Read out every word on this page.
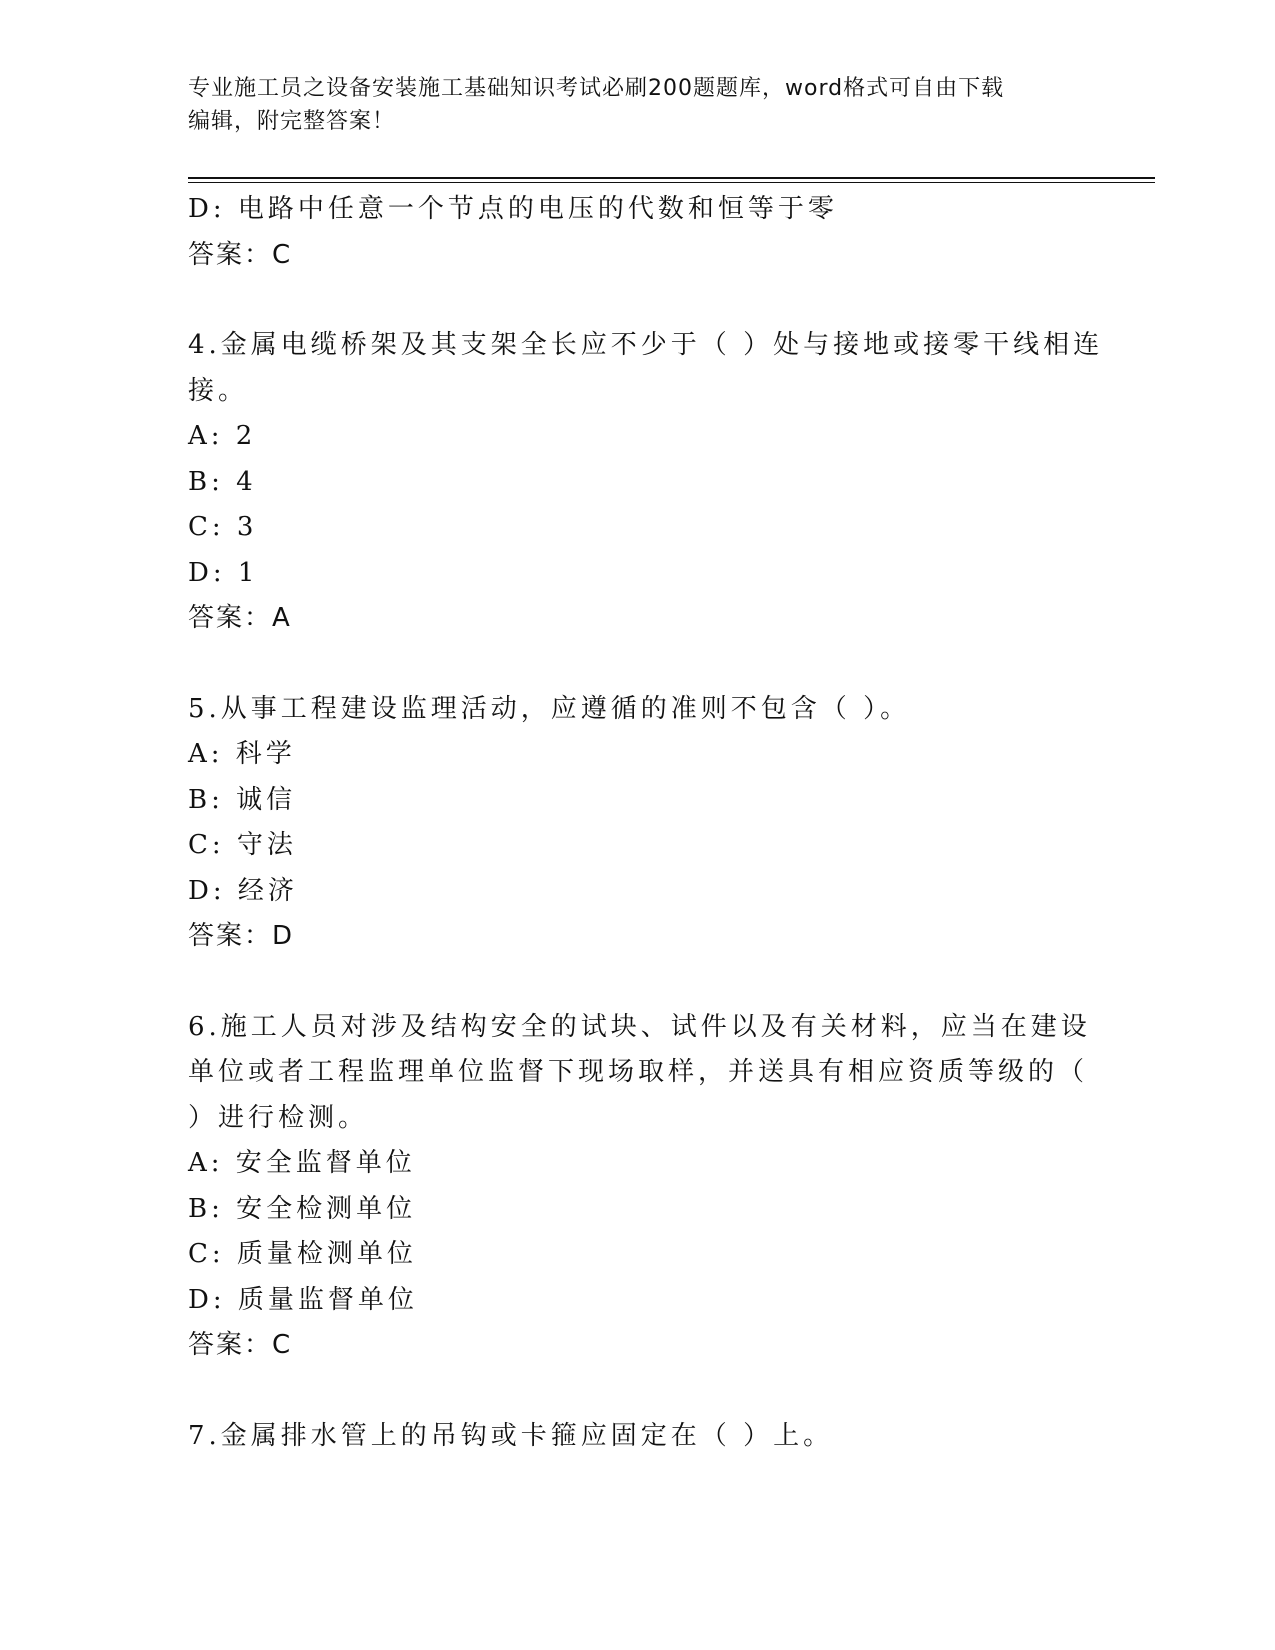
专业施工员之设备安装施工基础知识考试必刷200题题库，word格式可自由下载
编辑，附完整答案！
D: 电路中任意一个节点的电压的代数和恒等于零
答案：C
4.金属电缆桥架及其支架全长应不少于（ ）处与接地或接零干线相连
接。
A: 2
B: 4
C: 3
D: 1
答案：A
5.从事工程建设监理活动，应遵循的准则不包含（ ）。
A: 科学
B: 诚信
C: 守法
D: 经济
答案：D
6.施工人员对涉及结构安全的试块、试件以及有关材料，应当在建设
单位或者工程监理单位监督下现场取样，并送具有相应资质等级的（
）进行检测。
A: 安全监督单位
B: 安全检测单位
C: 质量检测单位
D: 质量监督单位
答案：C
7.金属排水管上的吊钩或卡箍应固定在（ ）上。
